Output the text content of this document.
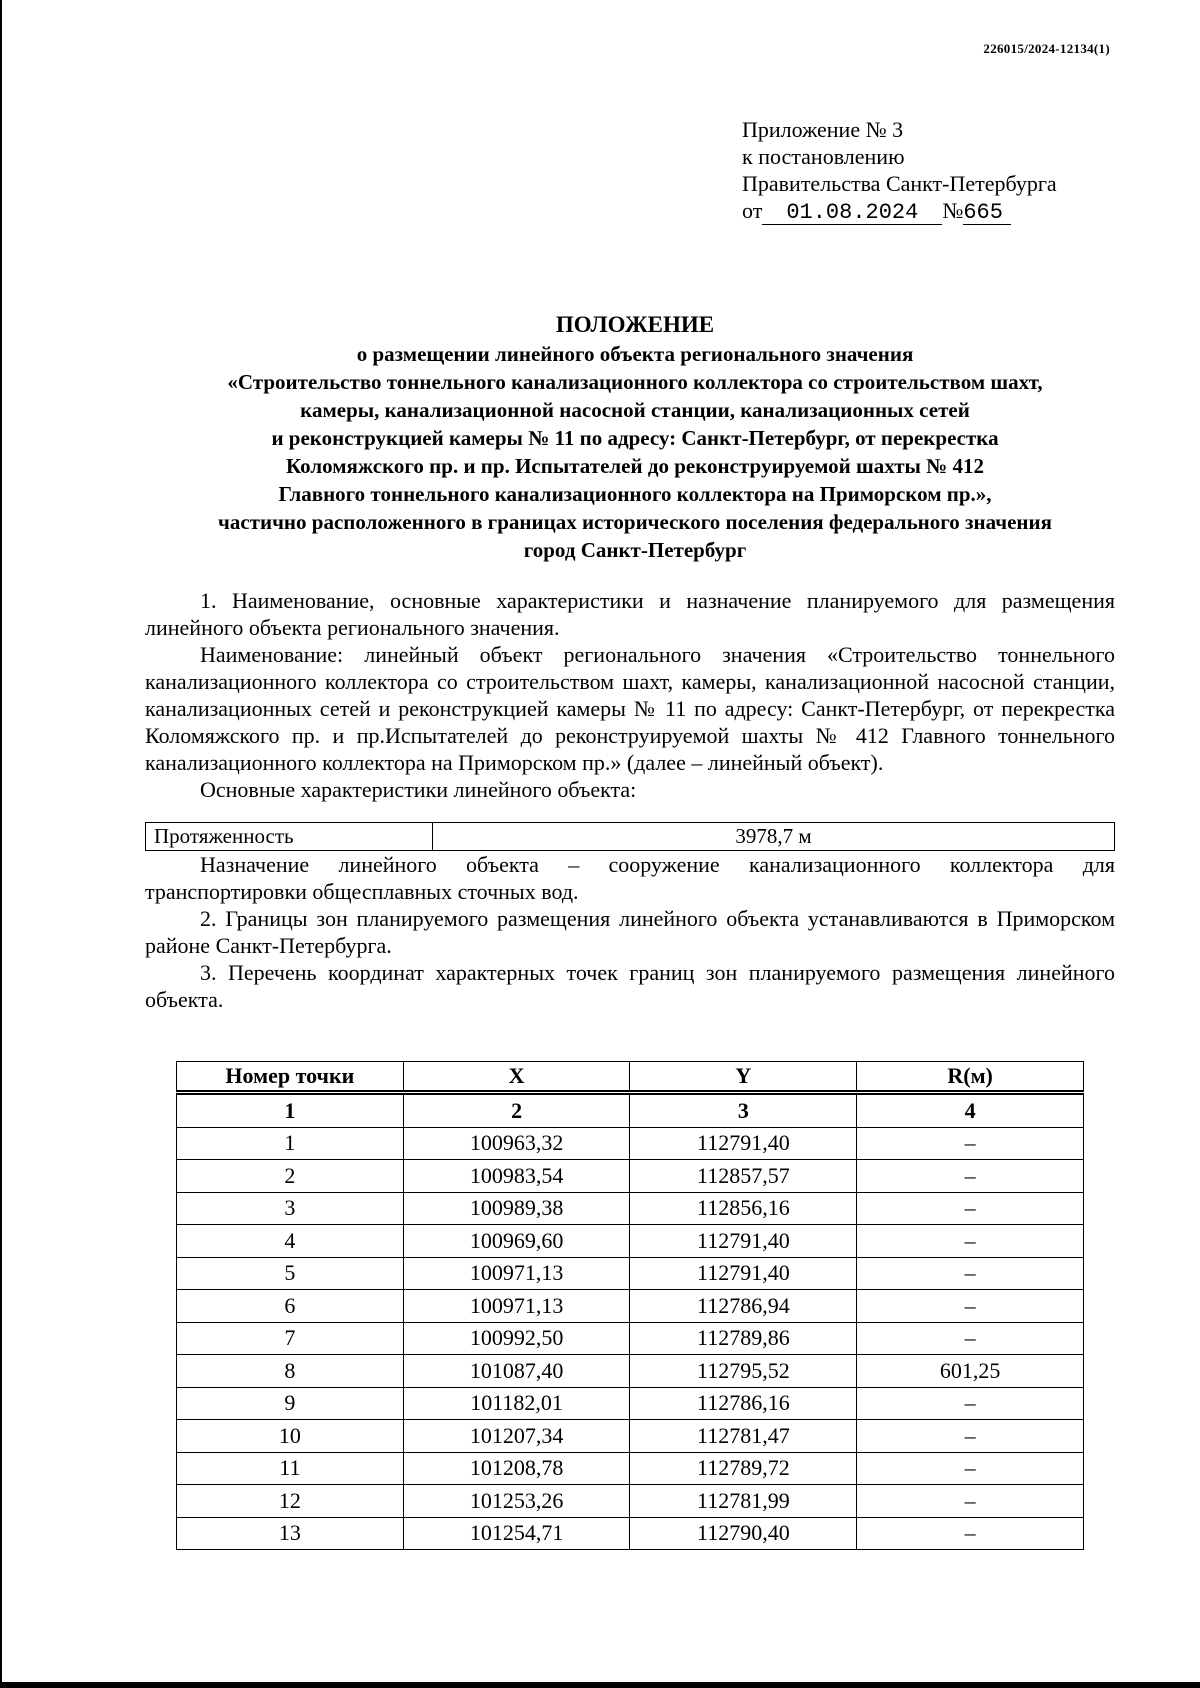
226015/2024-12134(1)
Приложение № 3
к постановлению
Правительства Санкт-Петербурга
от 01.08.2024 №665
ПОЛОЖЕНИЕ
о размещении линейного объекта регионального значения
«Строительство тоннельного канализационного коллектора со строительством шахт,
камеры, канализационной насосной станции, канализационных сетей
и реконструкцией камеры № 11 по адресу: Санкт-Петербург, от перекрестка
Коломяжского пр. и пр. Испытателей до реконструируемой шахты № 412
Главного тоннельного канализационного коллектора на Приморском пр.»,
частично расположенного в границах исторического поселения федерального значения
город Санкт-Петербург

1. Наименование, основные характеристики и назначение планируемого для размещения линейного объекта регионального значения.

Наименование: линейный объект регионального значения «Строительство тоннельного канализационного коллектора со строительством шахт, камеры, канализационной насосной станции, канализационных сетей и реконструкцией камеры № 11 по адресу: Санкт-Петербург, от перекрестка Коломяжского пр. и пр.Испытателей до реконструируемой шахты № 412 Главного тоннельного канализационного коллектора на Приморском пр.» (далее – линейный объект).

Основные характеристики линейного объекта:

Протяженность	3978,7 м

Назначение линейного объекта – сооружение канализационного коллектора для транспортировки общесплавных сточных вод.

2. Границы зон планируемого размещения линейного объекта устанавливаются в Приморском районе Санкт-Петербурга.

3. Перечень координат характерных точек границ зон планируемого размещения линейного объекта.

Номер точки	X	Y	R(м)
1	2	3	4
1	100963,32	112791,40	–
2	100983,54	112857,57	–
3	100989,38	112856,16	–
4	100969,60	112791,40	–
5	100971,13	112791,40	–
6	100971,13	112786,94	–
7	100992,50	112789,86	–
8	101087,40	112795,52	601,25
9	101182,01	112786,16	–
10	101207,34	112781,47	–
11	101208,78	112789,72	–
12	101253,26	112781,99	–
13	101254,71	112790,40	–
